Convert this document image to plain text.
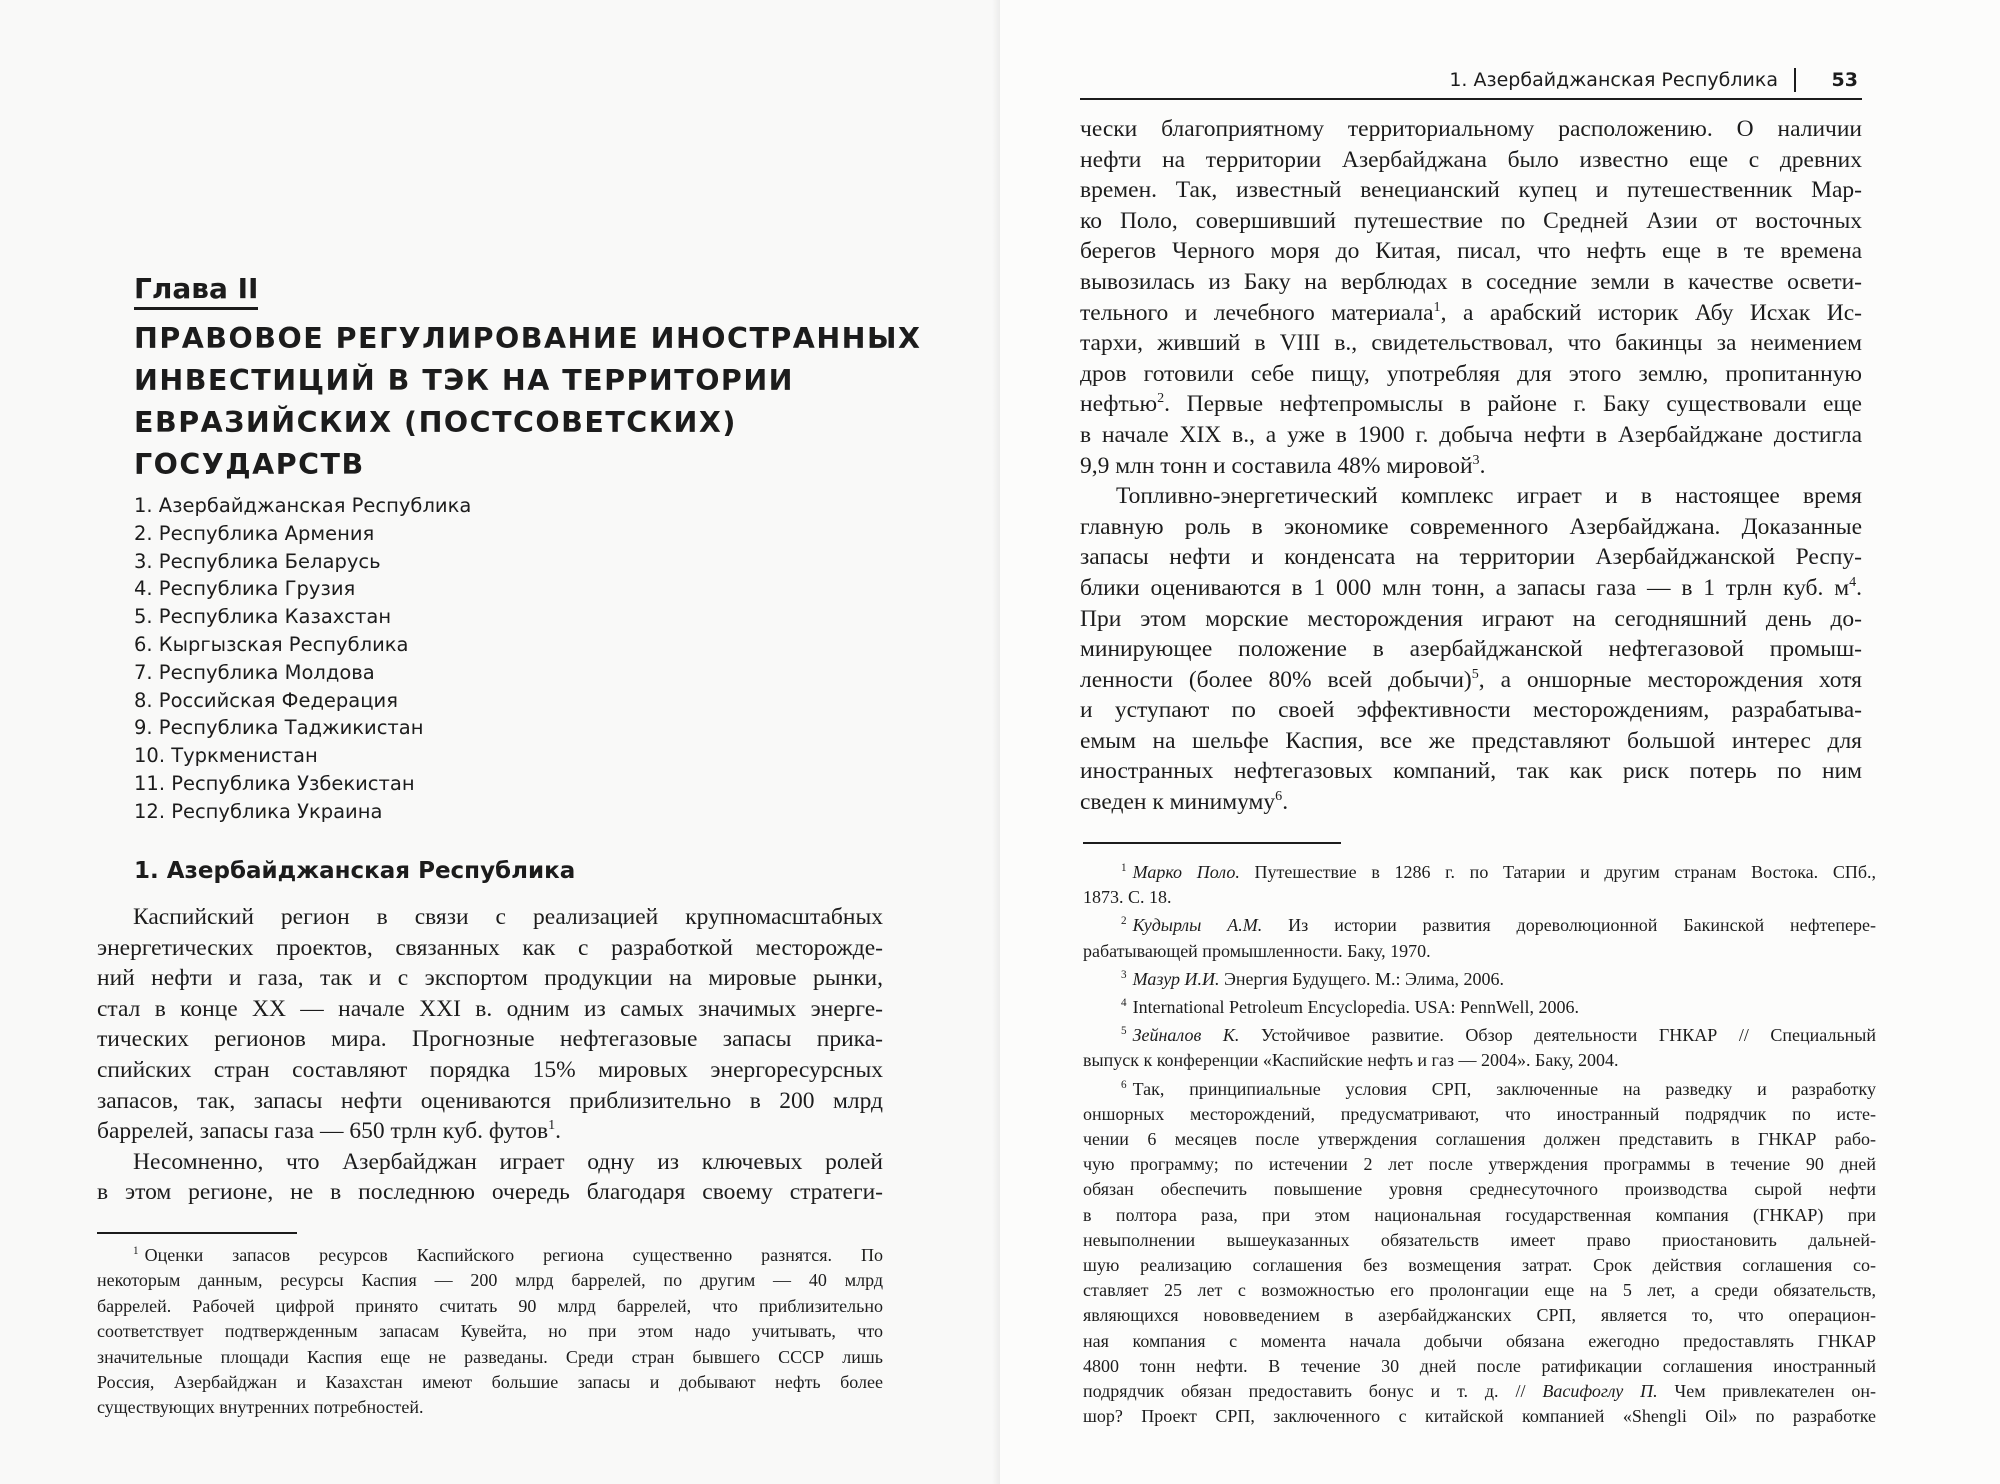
Глава II
ПРАВОВОЕ РЕГУЛИРОВАНИЕ ИНОСТРАННЫХ
ИНВЕСТИЦИЙ В ТЭК НА ТЕРРИТОРИИ
ЕВРАЗИЙСКИХ (ПОСТСОВЕТСКИХ)
ГОСУДАРСТВ
1. Азербайджанская Республика
2. Республика Армения
3. Республика Беларусь
4. Республика Грузия
5. Республика Казахстан
6. Кыргызская Республика
7. Республика Молдова
8. Российская Федерация
9. Республика Таджикистан
10. Туркменистан
11. Республика Узбекистан
12. Республика Украина
1. Азербайджанская Республика
Каспийский регион в связи с реализацией крупномасштабных
энергетических проектов, связанных как с разработкой месторожде-
ний нефти и газа, так и с экспортом продукции на мировые рынки,
стал в конце XX — начале XXI в. одним из самых значимых энерге-
тических регионов мира. Прогнозные нефтегазовые запасы прика-
спийских стран составляют порядка 15% мировых энергоресурсных
запасов, так, запасы нефти оцениваются приблизительно в 200 млрд
баррелей, запасы газа — 650 трлн куб. футов$^1$.
Несомненно, что Азербайджан играет одну из ключевых ролей
в этом регионе, не в последнюю очередь благодаря своему стратеги-
$^1$ Оценки запасов ресурсов Каспийского региона существенно разнятся. По
некоторым данным, ресурсы Каспия — 200 млрд баррелей, по другим — 40 млрд
баррелей. Рабочей цифрой принято считать 90 млрд баррелей, что приблизительно
соответствует подтвержденным запасам Кувейта, но при этом надо учитывать, что
значительные площади Каспия еще не разведаны. Среди стран бывшего СССР лишь
Россия, Азербайджан и Казахстан имеют большие запасы и добывают нефть более
существующих внутренних потребностей.
1. Азербайджанская Республика	53
чески благоприятному территориальному расположению. О наличии
нефти на территории Азербайджана было известно еще с древних
времен. Так, известный венецианский купец и путешественник Мар-
ко Поло, совершивший путешествие по Средней Азии от восточных
берегов Черного моря до Китая, писал, что нефть еще в те времена
вывозилась из Баку на верблюдах в соседние земли в качестве освети-
тельного и лечебного материала$^1$, а арабский историк Абу Исхак Ис-
тархи, живший в VIII в., свидетельствовал, что бакинцы за неимением
дров готовили себе пищу, употребляя для этого землю, пропитанную
нефтью$^2$. Первые нефтепромыслы в районе г. Баку существовали еще
в начале XIX в., а уже в 1900 г. добыча нефти в Азербайджане достигла
9,9 млн тонн и составила 48% мировой$^3$.
Топливно-энергетический комплекс играет и в настоящее время
главную роль в экономике современного Азербайджана. Доказанные
запасы нефти и конденсата на территории Азербайджанской Респу-
блики оцениваются в 1 000 млн тонн, а запасы газа — в 1 трлн куб. $м^4$.
При этом морские месторождения играют на сегодняшний день до-
минирующее положение в азербайджанской нефтегазовой промыш-
ленности (более 80% всей добычи)$^5$, а оншорные месторождения хотя
и уступают по своей эффективности месторождениям, разрабатыва-
емым на шельфе Каспия, все же представляют большой интерес для
иностранных нефтегазовых компаний, так как риск потерь по ним
сведен к минимуму$^6$.
$^1$ Марко Поло. Путешествие в 1286 г. по Татарии и другим странам Востока. СПб.,
1873. С. 18.
$^2$ Кудырлы А.М. Из истории развития дореволюционной Бакинской нефтепере-
рабатывающей промышленности. Баку, 1970.
$^3$ Мазур И.И. Энергия Будущего. М.: Элима, 2006.
$^4$ International Petroleum Encyclopedia. USA: PennWell, 2006.
$^5$ Зейналов К. Устойчивое развитие. Обзор деятельности ГНКАР // Специальный
выпуск к конференции «Каспийские нефть и газ — 2004». Баку, 2004.
$^6$ Так, принципиальные условия СРП, заключенные на разведку и разработку
оншорных месторождений, предусматривают, что иностранный подрядчик по исте-
чении 6 месяцев после утверждения соглашения должен представить в ГНКАР рабо-
чую программу; по истечении 2 лет после утверждения программы в течение 90 дней
обязан обеспечить повышение уровня среднесуточного производства сырой нефти
в полтора раза, при этом национальная государственная компания (ГНКАР) при
невыполнении вышеуказанных обязательств имеет право приостановить дальней-
шую реализацию соглашения без возмещения затрат. Срок действия соглашения со-
ставляет 25 лет с возможностью его пролонгации еще на 5 лет, а среди обязательств,
являющихся нововведением в азербайджанских СРП, является то, что операцион-
ная компания с момента начала добычи обязана ежегодно предоставлять ГНКАР
4800 тонн нефти. В течение 30 дней после ратификации соглашения иностранный
подрядчик обязан предоставить бонус и т. д. // Васифоглу П. Чем привлекателен он-
шор? Проект СРП, заключенного с китайской компанией «Shengli Oil» по разработке
